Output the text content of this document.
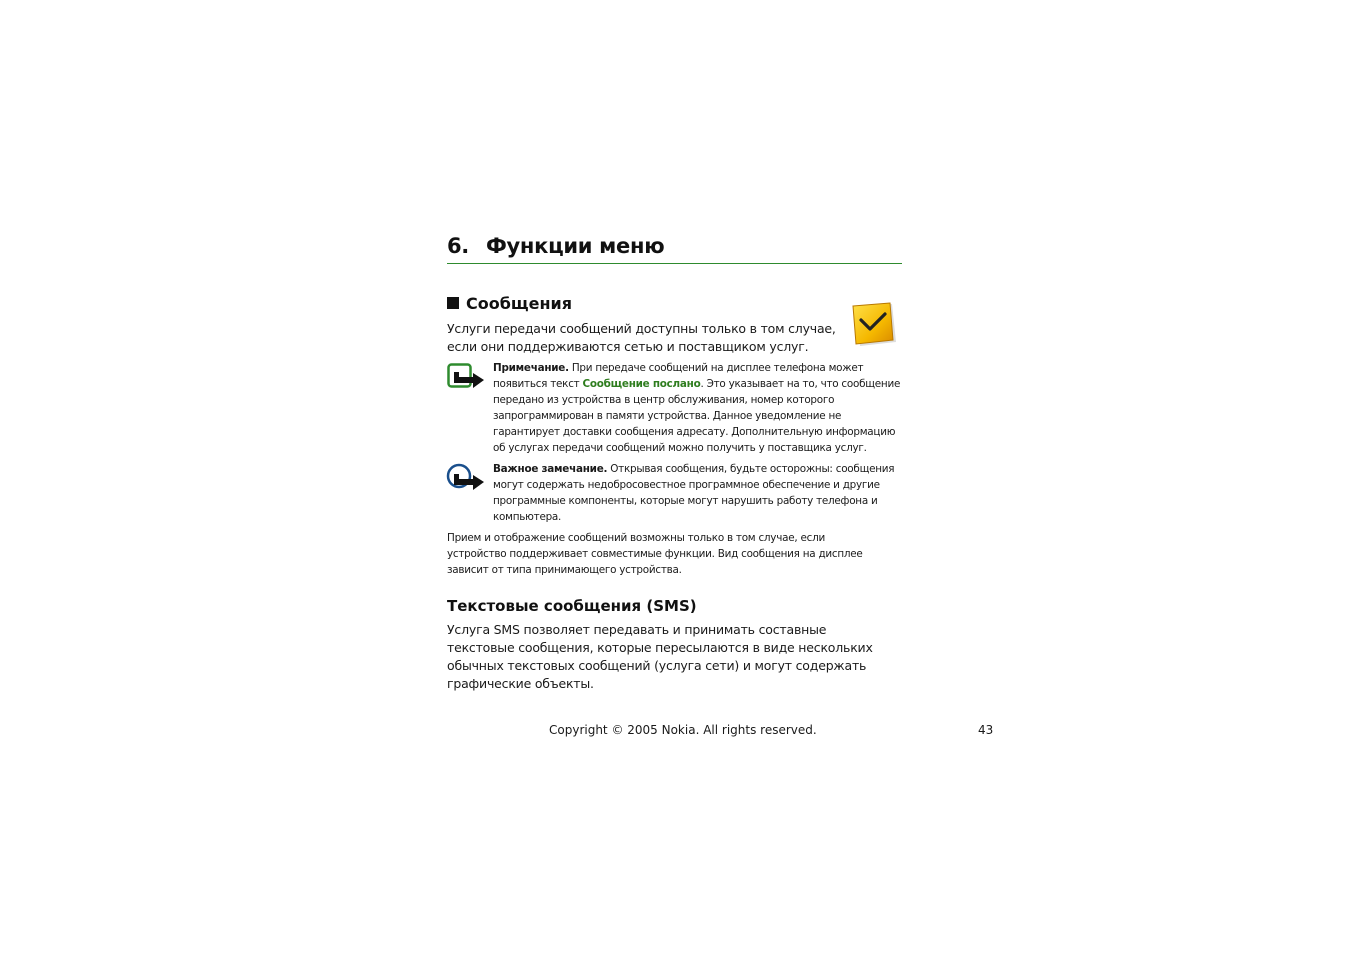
6. Функции меню
Сообщения
Услуги передачи сообщений доступны только в том случае, если они поддерживаются сетью и поставщиком услуг.
Примечание. При передаче сообщений на дисплее телефона может появиться текст Сообщение послано. Это указывает на то, что сообщение передано из устройства в центр обслуживания, номер которого запрограммирован в памяти устройства. Данное уведомление не гарантирует доставки сообщения адресату. Дополнительную информацию об услугах передачи сообщений можно получить у поставщика услуг.
Важное замечание. Открывая сообщения, будьте осторожны: сообщения могут содержать недобросовестное программное обеспечение и другие программные компоненты, которые могут нарушить работу телефона и компьютера.
Прием и отображение сообщений возможны только в том случае, если устройство поддерживает совместимые функции. Вид сообщения на дисплее зависит от типа принимающего устройства.
Текстовые сообщения (SMS)
Услуга SMS позволяет передавать и принимать составные текстовые сообщения, которые пересылаются в виде нескольких обычных текстовых сообщений (услуга сети) и могут содержать графические объекты.
Copyright © 2005 Nokia. All rights reserved.	43
